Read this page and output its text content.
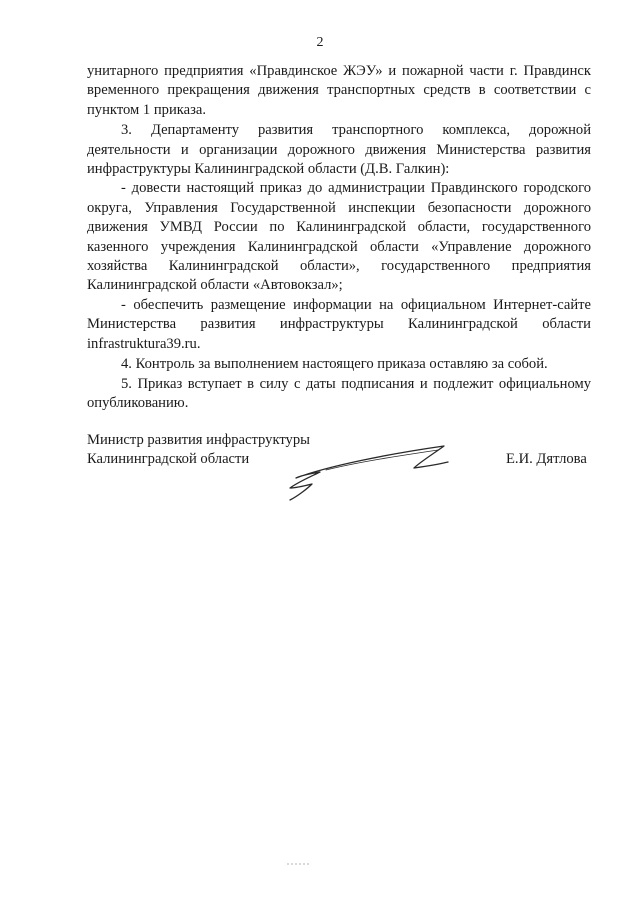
2

унитарного предприятия «Правдинское ЖЭУ» и пожарной части г. Правдинск временного прекращения движения транспортных средств в соответствии с пунктом 1 приказа.

3. Департаменту развития транспортного комплекса, дорожной деятельности и организации дорожного движения Министерства развития инфраструктуры Калининградской области (Д.В. Галкин):

- довести настоящий приказ до администрации Правдинского городского округа, Управления Государственной инспекции безопасности дорожного движения УМВД России по Калининградской области, государственного казенного учреждения Калининградской области «Управление дорожного хозяйства Калининградской области», государственного предприятия Калининградской области «Автовокзал»;

- обеспечить размещение информации на официальном Интернет-сайте Министерства развития инфраструктуры Калининградской области infrastruktura39.ru.

4. Контроль за выполнением настоящего приказа оставляю за собой.

5. Приказ вступает в силу с даты подписания и подлежит официальному опубликованию.

Министр развития инфраструктуры
Калининградской области	Е.И. Дятлова
